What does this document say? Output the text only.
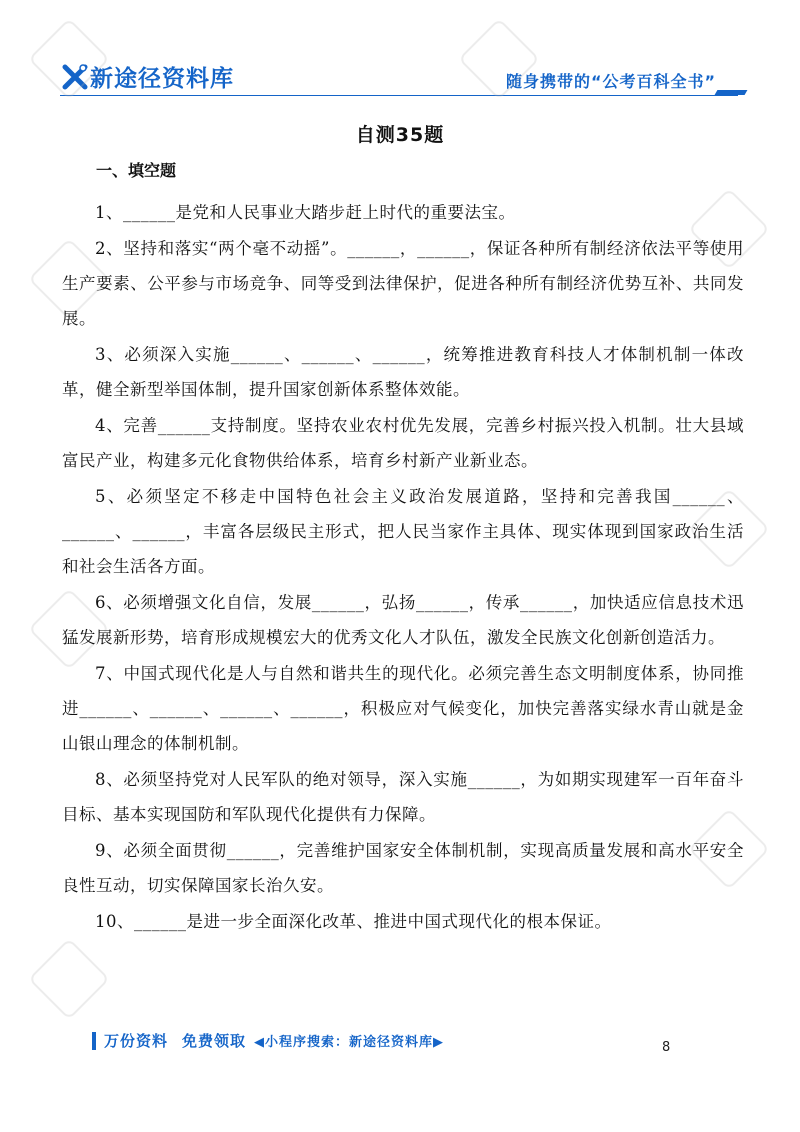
新途径资料库	随身携带的“公考百科全书”
自测35题
一、填空题

1、______是党和人民事业大踏步赶上时代的重要法宝。

2、坚持和落实“两个毫不动摇”。______，______，保证各种所有制经济依法平等使用生产要素、公平参与市场竞争、同等受到法律保护，促进各种所有制经济优势互补、共同发展。

3、必须深入实施______、______、______，统筹推进教育科技人才体制机制一体改革，健全新型举国体制，提升国家创新体系整体效能。

4、完善______支持制度。坚持农业农村优先发展，完善乡村振兴投入机制。壮大县域富民产业，构建多元化食物供给体系，培育乡村新产业新业态。

5、必须坚定不移走中国特色社会主义政治发展道路，坚持和完善我国______、______、______，丰富各层级民主形式，把人民当家作主具体、现实体现到国家政治生活和社会生活各方面。

6、必须增强文化自信，发展______，弘扬______，传承______，加快适应信息技术迅猛发展新形势，培育形成规模宏大的优秀文化人才队伍，激发全民族文化创新创造活力。

7、中国式现代化是人与自然和谐共生的现代化。必须完善生态文明制度体系，协同推进______、______、______、______，积极应对气候变化，加快完善落实绿水青山就是金山银山理念的体制机制。

8、必须坚持党对人民军队的绝对领导，深入实施______，为如期实现建军一百年奋斗目标、基本实现国防和军队现代化提供有力保障。

9、必须全面贯彻______，完善维护国家安全体制机制，实现高质量发展和高水平安全良性互动，切实保障国家长治久安。

10、______是进一步全面深化改革、推进中国式现代化的根本保证。

万份资料 免费领取 ◀小程序搜索：新途径资料库▶	8
